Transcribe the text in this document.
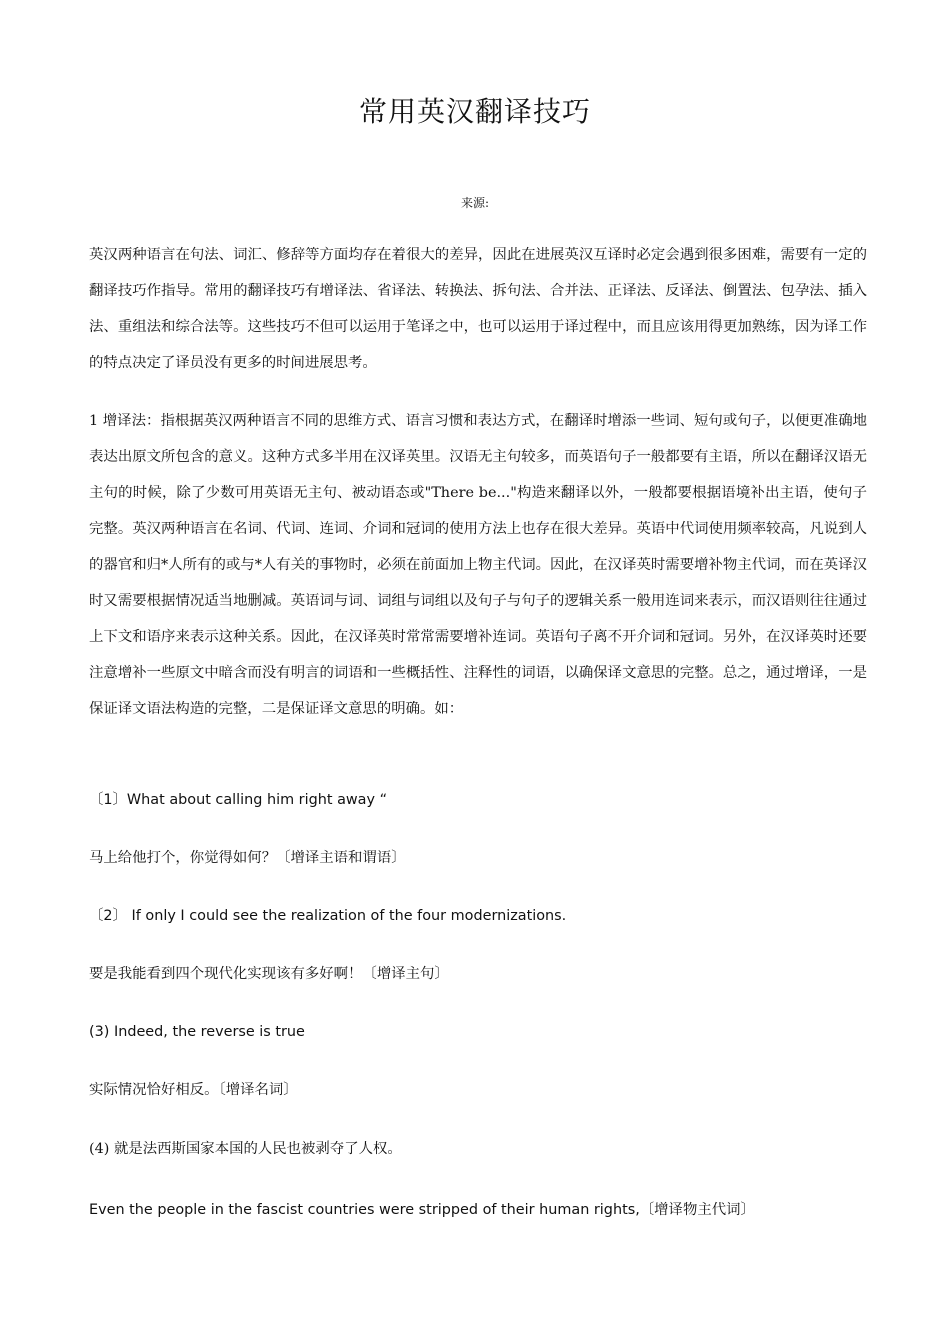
常用英汉翻译技巧
来源:

英汉两种语言在句法、词汇、修辞等方面均存在着很大的差异，因此在进展英汉互译时必定会遇到很多困难，需要有一定的翻译技巧作指导。常用的翻译技巧有增译法、省译法、转换法、拆句法、合并法、正译法、反译法、倒置法、包孕法、插入法、重组法和综合法等。这些技巧不但可以运用于笔译之中，也可以运用于译过程中，而且应该用得更加熟练，因为译工作的特点决定了译员没有更多的时间进展思考。

1 增译法：指根据英汉两种语言不同的思维方式、语言习惯和表达方式，在翻译时增添一些词、短句或句子，以便更准确地表达出原文所包含的意义。这种方式多半用在汉译英里。汉语无主句较多，而英语句子一般都要有主语，所以在翻译汉语无主句的时候，除了少数可用英语无主句、被动语态或"There be..."构造来翻译以外，一般都要根据语境补出主语，使句子完整。英汉两种语言在名词、代词、连词、介词和冠词的使用方法上也存在很大差异。英语中代词使用频率较高，凡说到人的器官和归*人所有的或与*人有关的事物时，必须在前面加上物主代词。因此，在汉译英时需要增补物主代词，而在英译汉时又需要根据情况适当地删减。英语词与词、词组与词组以及句子与句子的逻辑关系一般用连词来表示，而汉语则往往通过上下文和语序来表示这种关系。因此，在汉译英时常常需要增补连词。英语句子离不开介词和冠词。另外，在汉译英时还要注意增补一些原文中暗含而没有明言的词语和一些概括性、注释性的词语，以确保译文意思的完整。总之，通过增译，一是保证译文语法构造的完整，二是保证译文意思的明确。如：

〔1〕What about calling him right away “

马上给他打个，你觉得如何？〔增译主语和谓语〕

〔2〕 If only I could see the realization of the four modernizations.

要是我能看到四个现代化实现该有多好啊！〔增译主句〕

(3) Indeed, the reverse is true

实际情况恰好相反。〔增译名词〕

(4) 就是法西斯国家本国的人民也被剥夺了人权。

Even the people in the fascist countries were stripped of their human rights,〔增译物主代词〕
